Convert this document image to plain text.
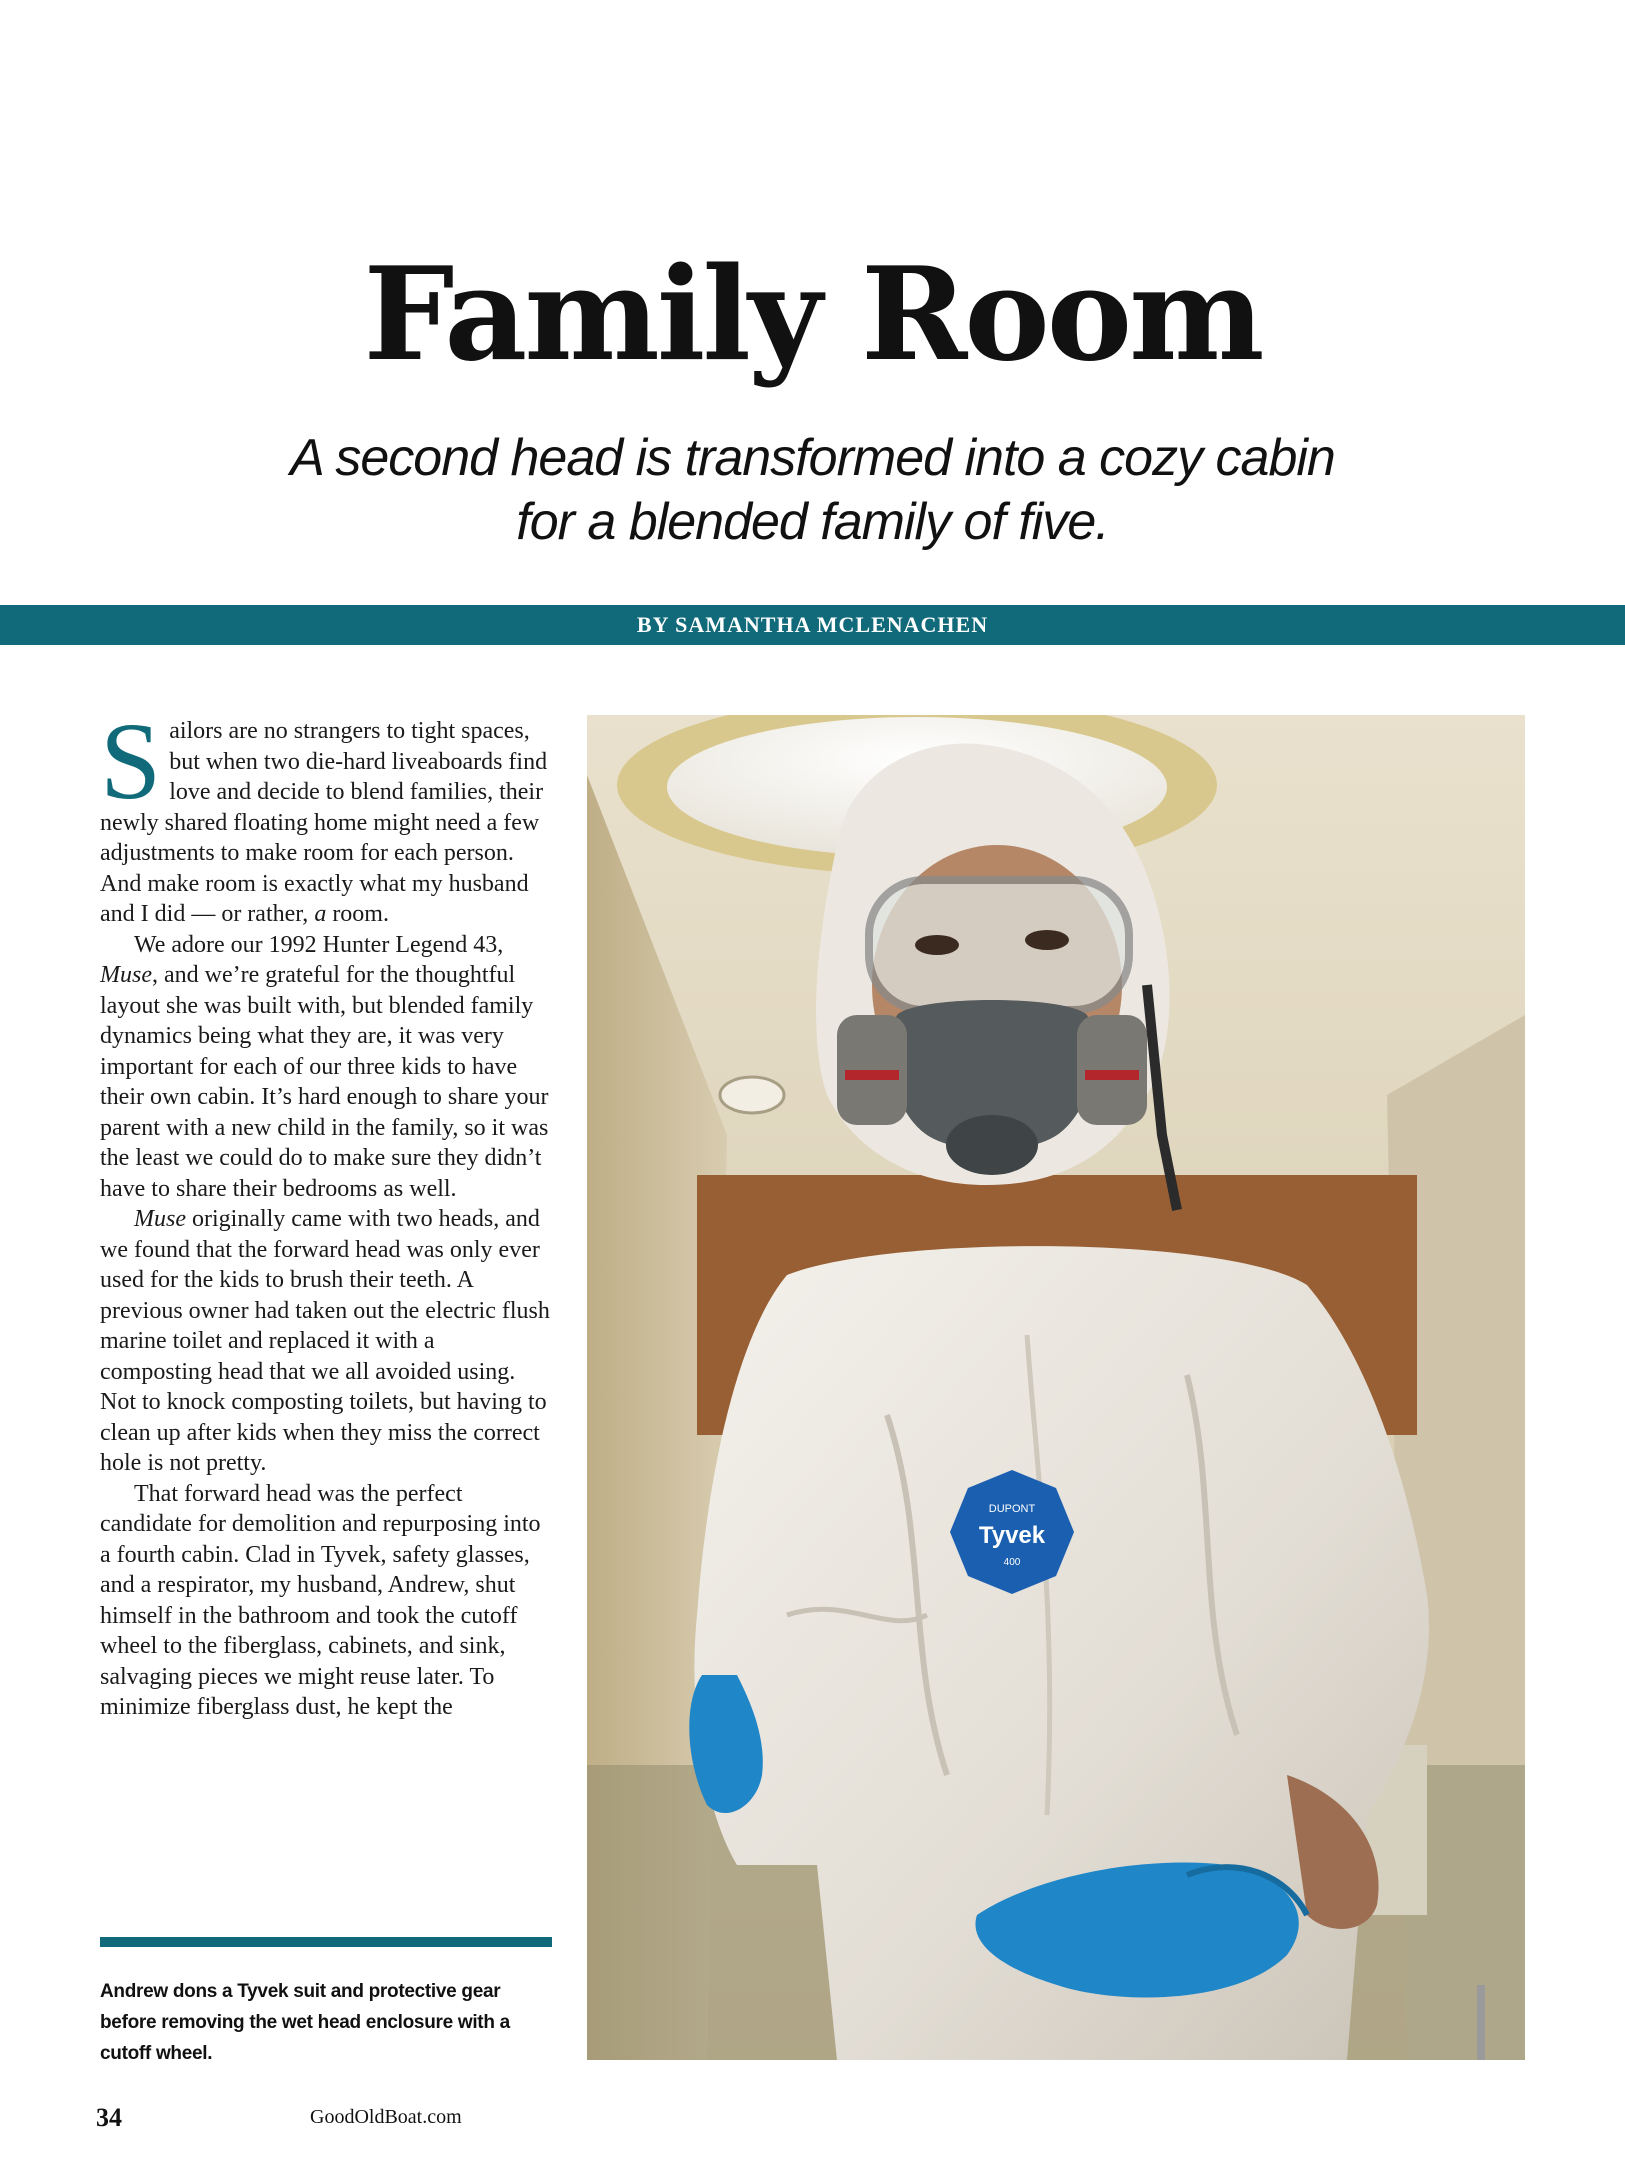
Family Room
A second head is transformed into a cozy cabin
for a blended family of five.
BY SAMANTHA MCLENACHEN

Sailors are no strangers to tight spaces, but when two die-hard liveaboards find love and decide to blend families, their newly shared floating home might need a few adjustments to make room for each person. And make room is exactly what my husband and I did — or rather, a room.

We adore our 1992 Hunter Legend 43, Muse, and we’re grateful for the thoughtful layout she was built with, but blended family dynamics being what they are, it was very important for each of our three kids to have their own cabin. It’s hard enough to share your parent with a new child in the family, so it was the least we could do to make sure they didn’t have to share their bedrooms as well.

Muse originally came with two heads, and we found that the forward head was only ever used for the kids to brush their teeth. A previous owner had taken out the electric flush marine toilet and replaced it with a composting head that we all avoided using. Not to knock composting toilets, but having to clean up after kids when they miss the correct hole is not pretty.

That forward head was the perfect candidate for demolition and repurposing into a fourth cabin. Clad in Tyvek, safety glasses, and a respirator, my husband, Andrew, shut himself in the bathroom and took the cutoff wheel to the fiberglass, cabinets, and sink, salvaging pieces we might reuse later. To minimize fiberglass dust, he kept the

Andrew dons a Tyvek suit and protective gear before removing the wet head enclosure with a cutoff wheel.
DUPONT
Tyvek
400
34	GoodOldBoat.com
